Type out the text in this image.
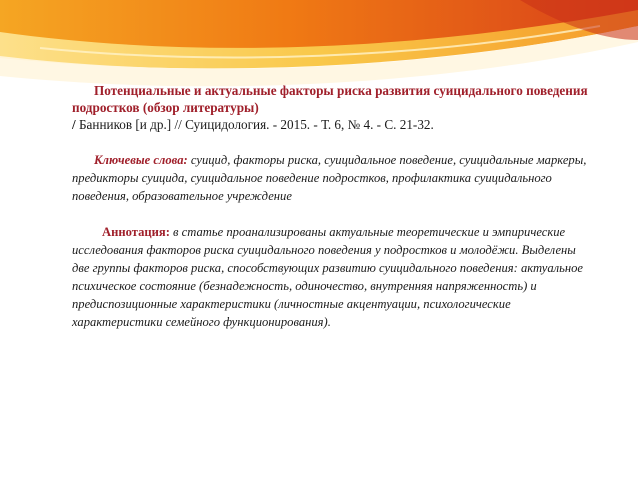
Потенциальные и актуальные факторы риска развития суицидального поведения подростков (обзор литературы)

/ Банников [и др.] // Суицидология. - 2015. - Т. 6, № 4. - С. 21-32.

Ключевые слова: суицид, факторы риска, суицидальное поведение, суицидальные маркеры, предикторы суицида, суицидальное поведение подростков, профилактика суицидального поведения, образовательное учреждение

Аннотация: в статье проанализированы актуальные теоретические и эмпирические исследования факторов риска суицидального поведения у подростков и молодёжи. Выделены две группы факторов риска, способствующих развитию суицидального поведения: актуальное психическое состояние (безнадежность, одиночество, внутренняя напряженность) и предиспозиционные характеристики (личностные акцентуации, психологические характеристики семейного функционирования).
